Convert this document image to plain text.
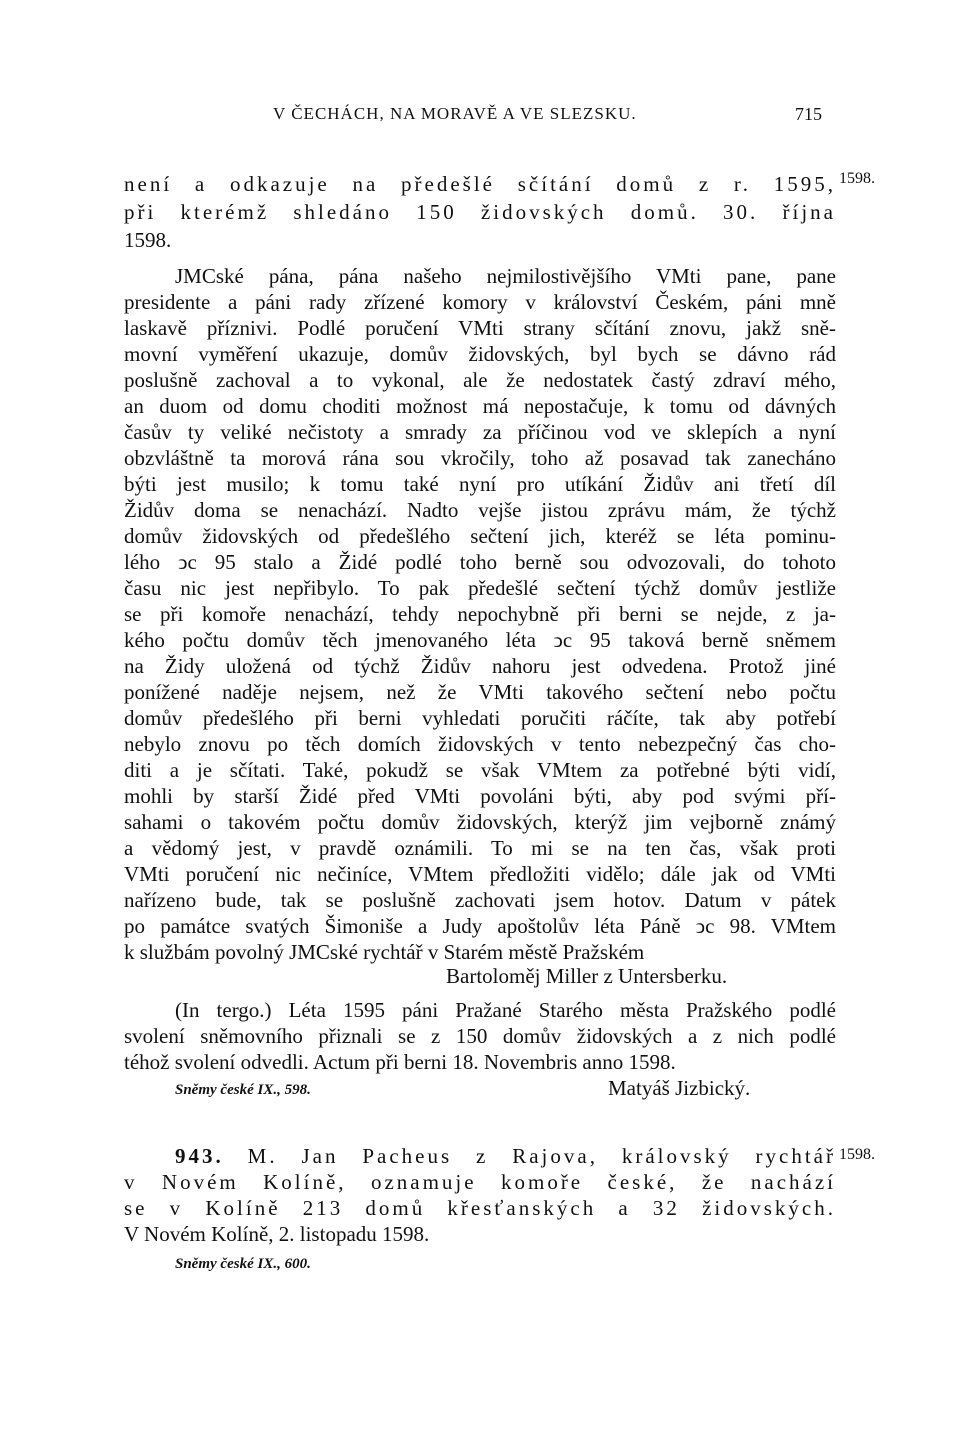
V ČECHÁCH, NA MORAVĚ A VE SLEZSKU.	715
není a odkazuje na předešlé sčítání domů z r. 1595,
při kterémž shledáno 150 židovských domů. 30. října
1598.
1598.
JMCské pána, pána našeho nejmilostivějšího VMti pane, pane
presidente a páni rady zřízené komory v království Českém, páni mně
laskavě příznivi. Podlé poručení VMti strany sčítání znovu, jakž sně-
movní vyměření ukazuje, domův židovských, byl bych se dávno rád
poslušně zachoval a to vykonal, ale že nedostatek častý zdraví mého,
an duom od domu choditi možnost má nepostačuje, k tomu od dávných
časův ty veliké nečistoty a smrady za příčinou vod ve sklepích a nyní
obzvláštně ta morová rána sou vkročily, toho až posavad tak zanecháno
býti jest musilo; k tomu také nyní pro utíkání Židův ani třetí díl
Židův doma se nenachází. Nadto vejše jistou zprávu mám, že týchž
domův židovských od předešlého sečtení jich, kteréž se léta pominu-
lého ↄc 95 stalo a Židé podlé toho berně sou odvozovali, do tohoto
času nic jest nepřibylo. To pak předešlé sečtení týchž domův jestliže
se při komoře nenachází, tehdy nepochybně při berni se nejde, z ja-
kého počtu domův těch jmenovaného léta ↄc 95 taková berně sněmem
na Židy uložená od týchž Židův nahoru jest odvedena. Protož jiné
ponížené naděje nejsem, než že VMti takového sečtení nebo počtu
domův předešlého při berni vyhledati poručiti ráčíte, tak aby potřebí
nebylo znovu po těch domích židovských v tento nebezpečný čas cho-
diti a je sčítati. Také, pokudž se však VMtem za potřebné býti vidí,
mohli by starší Židé před VMti povoláni býti, aby pod svými pří-
sahami o takovém počtu domův židovských, kterýž jim vejborně známý
a vědomý jest, v pravdě oznámili. To mi se na ten čas, však proti
VMti poručení nic nečiníce, VMtem předložiti vidělo; dále jak od VMti
nařízeno bude, tak se poslušně zachovati jsem hotov. Datum v pátek
po památce svatých Šimoniše a Judy apoštolův léta Páně ↄc 98. VMtem
k službám povolný JMCské rychtář v Starém městě Pražském
Bartoloměj Miller z Untersberku.
(In tergo.) Léta 1595 páni Pražané Starého města Pražského podlé
svolení sněmovního přiznali se z 150 domův židovských a z nich podlé
téhož svolení odvedli. Actum při berni 18. Novembris anno 1598.
Sněmy české IX., 598.	Matyáš Jizbický.
943. M. Jan Pacheus z Rajova, královský rychtář 1598.
v Novém Kolíně, oznamuje komoře české, že nachází
se v Kolíně 213 domů křesťanských a 32 židovských.
V Novém Kolíně, 2. listopadu 1598.
Sněmy české IX., 600.
